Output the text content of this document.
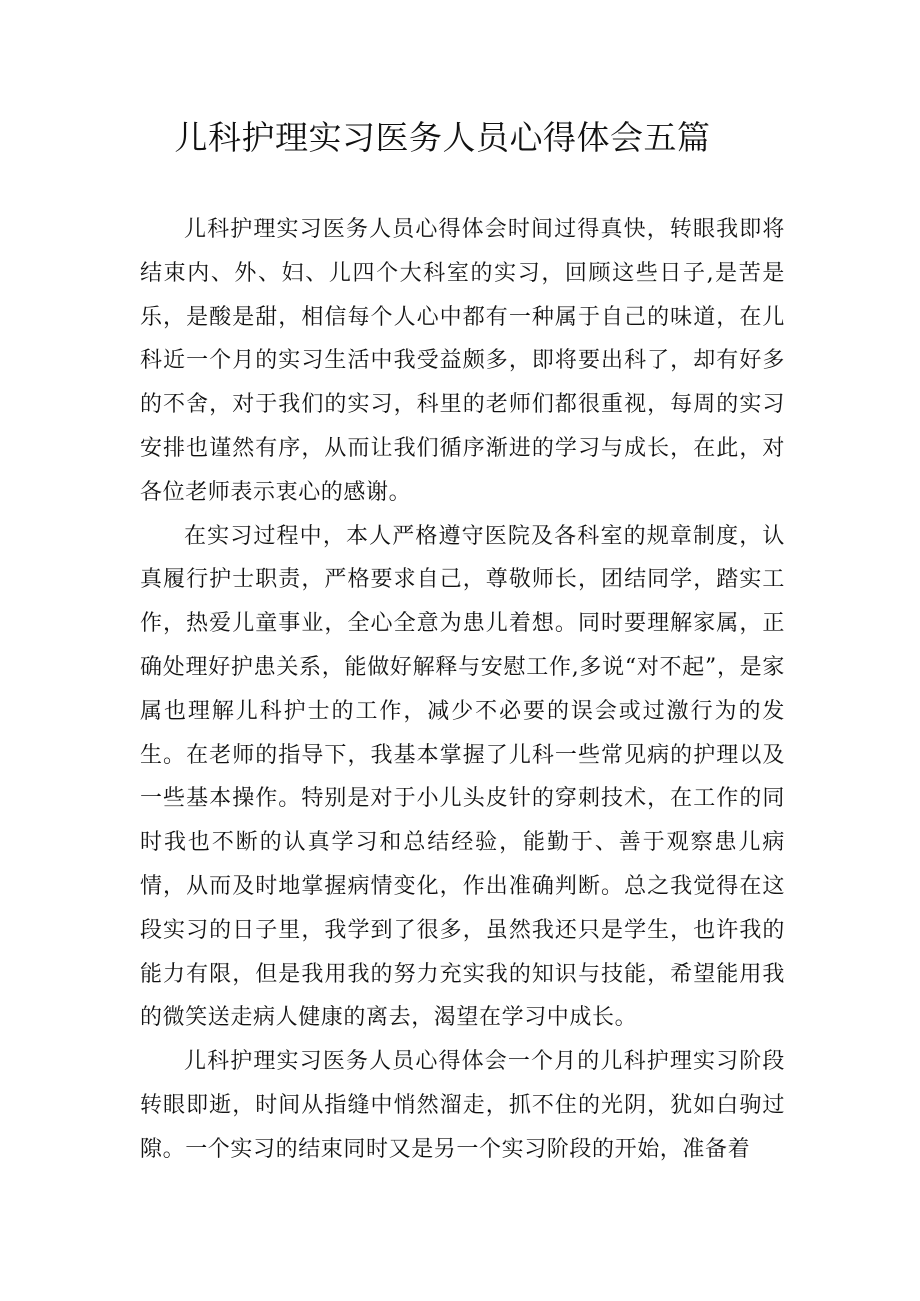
儿科护理实习医务人员心得体会五篇

儿科护理实习医务人员心得体会时间过得真快，转眼我即将结束内、外、妇、儿四个大科室的实习，回顾这些日子,是苦是乐，是酸是甜，相信每个人心中都有一种属于自己的味道，在儿科近一个月的实习生活中我受益颇多，即将要出科了，却有好多的不舍，对于我们的实习，科里的老师们都很重视，每周的实习安排也谨然有序，从而让我们循序渐进的学习与成长，在此，对各位老师表示衷心的感谢。

在实习过程中，本人严格遵守医院及各科室的规章制度，认真履行护士职责，严格要求自己，尊敬师长，团结同学，踏实工作，热爱儿童事业，全心全意为患儿着想。同时要理解家属，正确处理好护患关系，能做好解释与安慰工作,多说“对不起”，是家属也理解儿科护士的工作，减少不必要的误会或过激行为的发生。在老师的指导下，我基本掌握了儿科一些常见病的护理以及一些基本操作。特别是对于小儿头皮针的穿刺技术，在工作的同时我也不断的认真学习和总结经验，能勤于、善于观察患儿病情，从而及时地掌握病情变化，作出准确判断。总之我觉得在这段实习的日子里，我学到了很多，虽然我还只是学生，也许我的能力有限，但是我用我的努力充实我的知识与技能，希望能用我的微笑送走病人健康的离去，渴望在学习中成长。

儿科护理实习医务人员心得体会一个月的儿科护理实习阶段转眼即逝，时间从指缝中悄然溜走，抓不住的光阴，犹如白驹过隙。一个实习的结束同时又是另一个实习阶段的开始，准备着
